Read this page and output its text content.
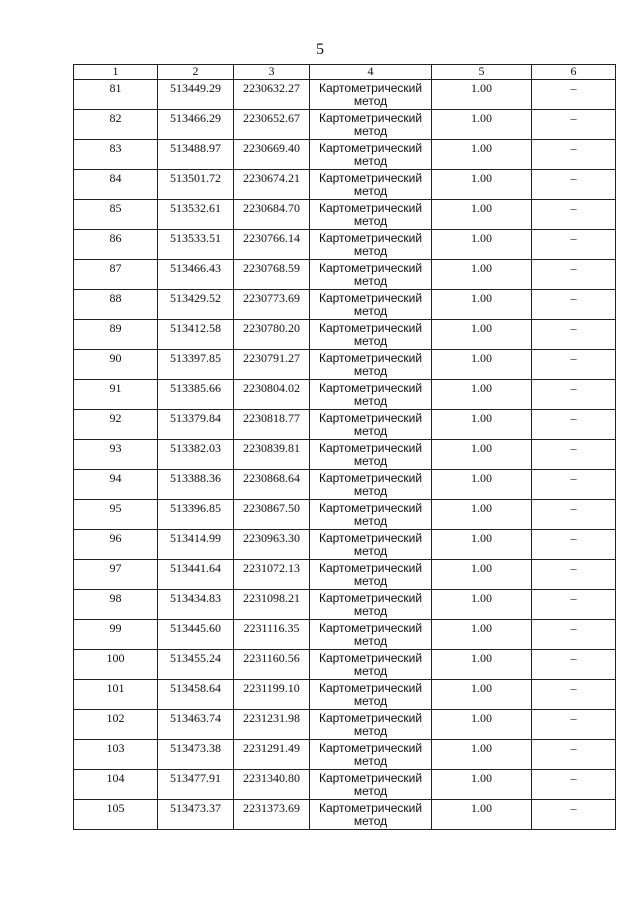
5
1	2	3	4	5	6
81	513449.29	2230632.27	Картометрический метод	1.00	–
82	513466.29	2230652.67	Картометрический метод	1.00	–
83	513488.97	2230669.40	Картометрический метод	1.00	–
84	513501.72	2230674.21	Картометрический метод	1.00	–
85	513532.61	2230684.70	Картометрический метод	1.00	–
86	513533.51	2230766.14	Картометрический метод	1.00	–
87	513466.43	2230768.59	Картометрический метод	1.00	–
88	513429.52	2230773.69	Картометрический метод	1.00	–
89	513412.58	2230780.20	Картометрический метод	1.00	–
90	513397.85	2230791.27	Картометрический метод	1.00	–
91	513385.66	2230804.02	Картометрический метод	1.00	–
92	513379.84	2230818.77	Картометрический метод	1.00	–
93	513382.03	2230839.81	Картометрический метод	1.00	–
94	513388.36	2230868.64	Картометрический метод	1.00	–
95	513396.85	2230867.50	Картометрический метод	1.00	–
96	513414.99	2230963.30	Картометрический метод	1.00	–
97	513441.64	2231072.13	Картометрический метод	1.00	–
98	513434.83	2231098.21	Картометрический метод	1.00	–
99	513445.60	2231116.35	Картометрический метод	1.00	–
100	513455.24	2231160.56	Картометрический метод	1.00	–
101	513458.64	2231199.10	Картометрический метод	1.00	–
102	513463.74	2231231.98	Картометрический метод	1.00	–
103	513473.38	2231291.49	Картометрический метод	1.00	–
104	513477.91	2231340.80	Картометрический метод	1.00	–
105	513473.37	2231373.69	Картометрический метод	1.00	–
